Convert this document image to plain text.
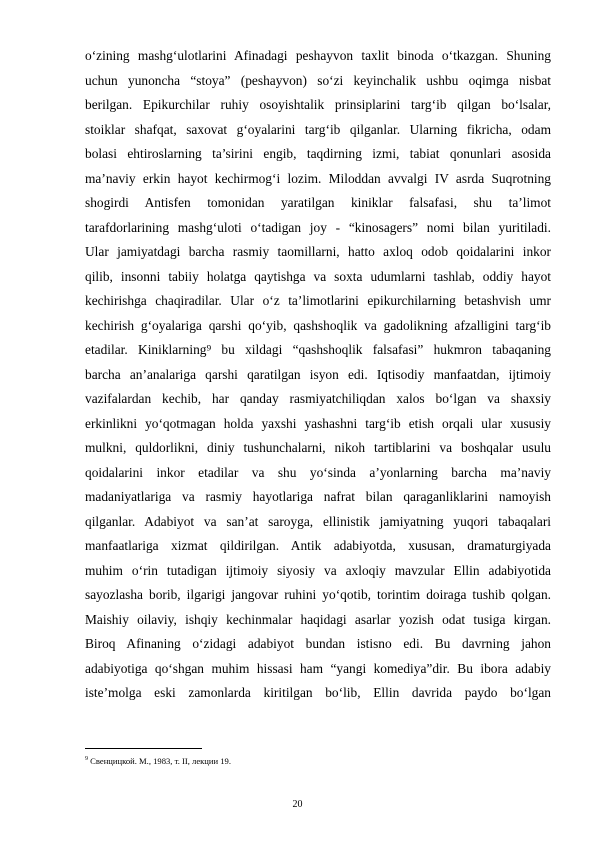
o‘zining mashg‘ulotlarini Afinadagi peshayvon taxlit binoda o‘tkazgan. Shuning
uchun yunoncha “stoya” (peshayvon) so‘zi keyinchalik ushbu oqimga nisbat
berilgan. Epikurchilar ruhiy osoyishtalik prinsiplarini targ‘ib qilgan bo‘lsalar,
stoiklar shafqat, saxovat g‘oyalarini targ‘ib qilganlar. Ularning fikricha, odam
bolasi ehtiroslarning ta’sirini engib, taqdirning izmi, tabiat qonunlari asosida
ma’naviy erkin hayot kechirmog‘i lozim. Miloddan avvalgi IV asrda Suqrotning
shogirdi Antisfen tomonidan yaratilgan kiniklar falsafasi, shu ta’limot
tarafdorlarining mashg‘uloti o‘tadigan joy - “kinosagers” nomi bilan yuritiladi.
Ular jamiyatdagi barcha rasmiy taomillarni, hatto axloq odob qoidalarini inkor
qilib, insonni tabiiy holatga qaytishga va soxta udumlarni tashlab, oddiy hayot
kechirishga chaqiradilar. Ular o‘z ta’limotlarini epikurchilarning betashvish umr
kechirish g‘oyalariga qarshi qo‘yib, qashshoqlik va gadolikning afzalligini targ‘ib
etadilar. Kiniklarning⁹ bu xildagi “qashshoqlik falsafasi” hukmron tabaqaning
barcha an’analariga qarshi qaratilgan isyon edi. Iqtisodiy manfaatdan, ijtimoiy
vazifalardan kechib, har qanday rasmiyatchiliqdan xalos bo‘lgan va shaxsiy
erkinlikni yo‘qotmagan holda yaxshi yashashni targ‘ib etish orqali ular xususiy
mulkni, quldorlikni, diniy tushunchalarni, nikoh tartiblarini va boshqalar usulu
qoidalarini inkor etadilar va shu yo‘sinda a’yonlarning barcha ma’naviy
madaniyatlariga va rasmiy hayotlariga nafrat bilan qaraganliklarini namoyish
qilganlar. Adabiyot va san’at saroyga, ellinistik jamiyatning yuqori tabaqalari
manfaatlariga xizmat qildirilgan. Antik adabiyotda, xususan, dramaturgiyada
muhim o‘rin tutadigan ijtimoiy siyosiy va axloqiy mavzular Ellin adabiyotida
sayozlasha borib, ilgarigi jangovar ruhini yo‘qotib, torintim doiraga tushib qolgan.
Maishiy oilaviy, ishqiy kechinmalar haqidagi asarlar yozish odat tusiga kirgan.
Biroq Afinaning o‘zidagi adabiyot bundan istisno edi. Bu davrning jahon
adabiyotiga qo‘shgan muhim hissasi ham “yangi komediya”dir. Bu ibora adabiy
iste’molga eski zamonlarda kiritilgan bo‘lib, Ellin davrida paydo bo‘lgan
$^9$ Свенцицкой. М., 1983, т. II, лекции 19.
20
